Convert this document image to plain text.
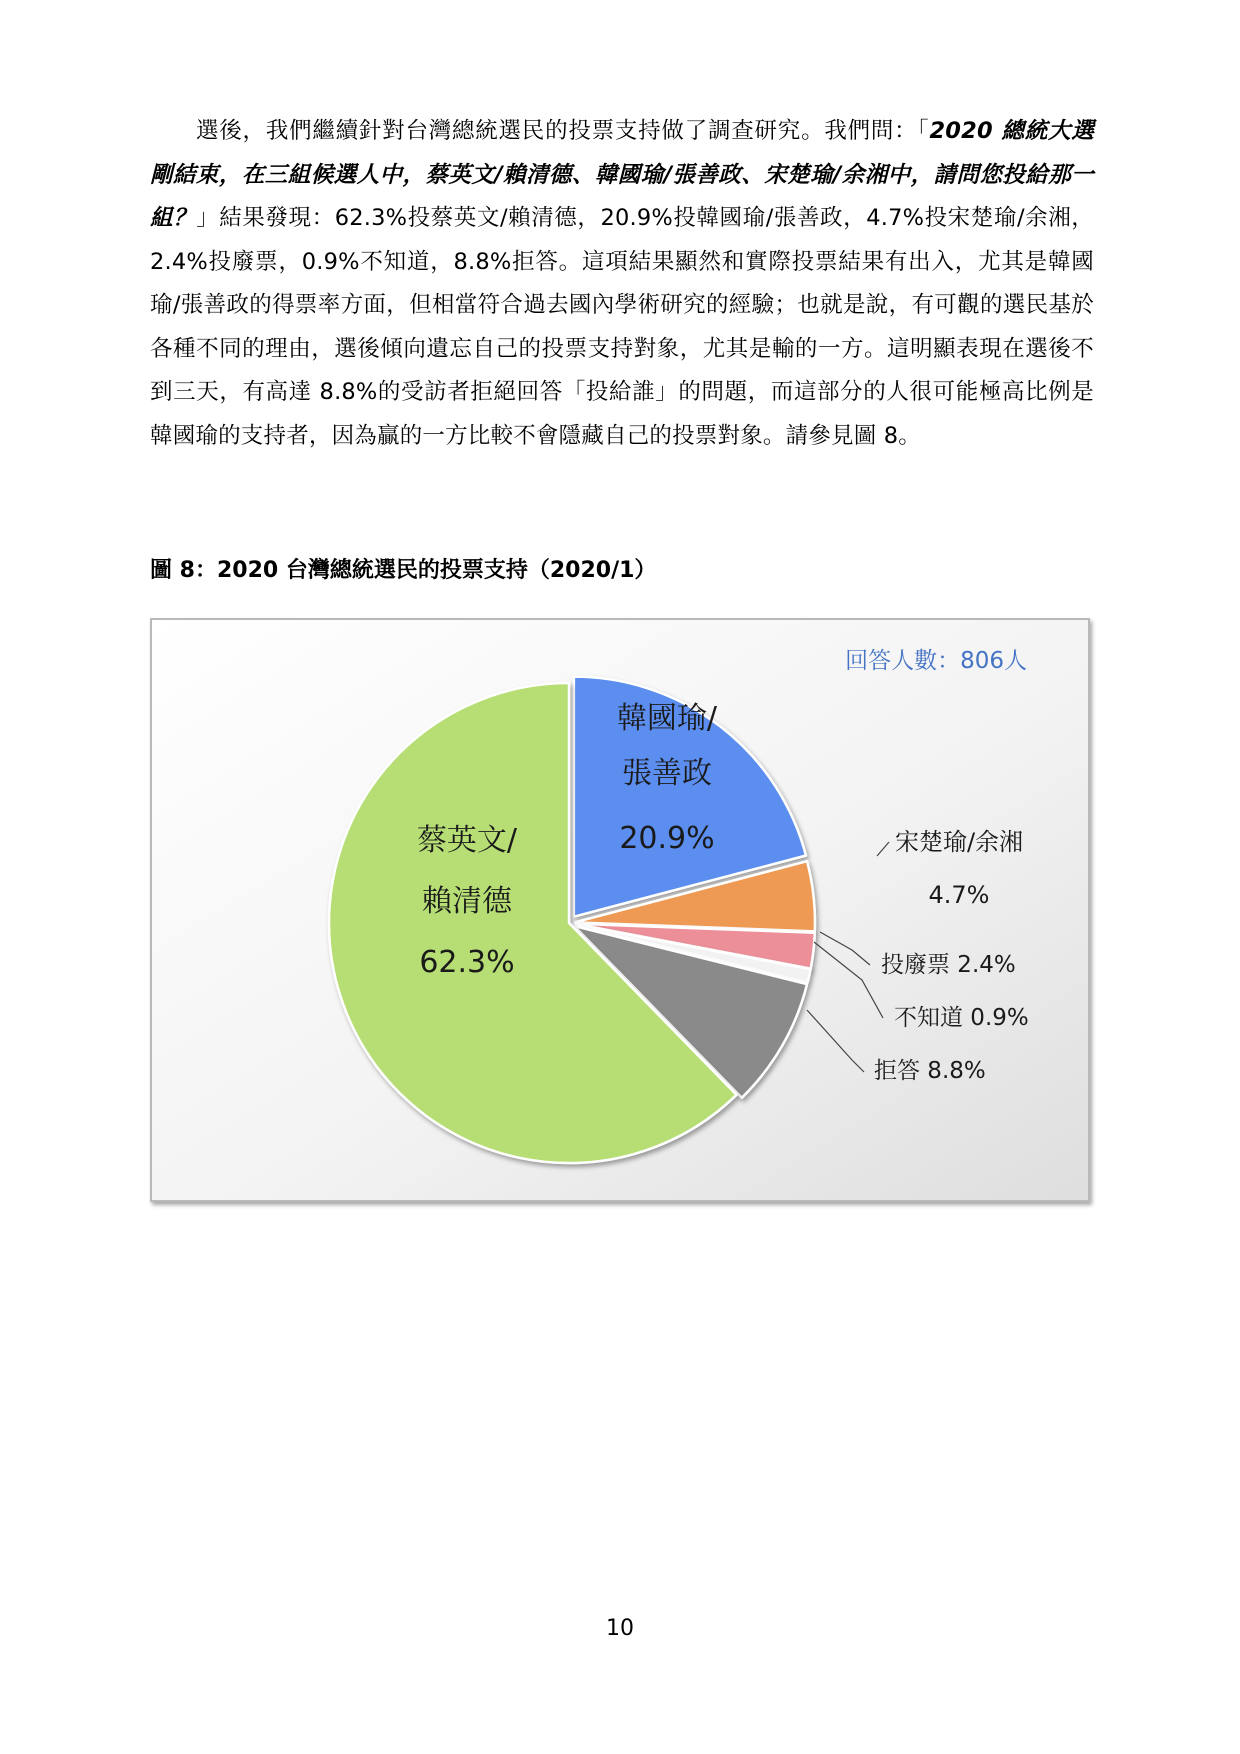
選後，我們繼續針對台灣總統選民的投票支持做了調查研究。我們問：「2020 總統大選剛結束，在三組候選人中，蔡英文/賴清德、韓國瑜/張善政、宋楚瑜/余湘中，請問您投給那一組？」結果發現：62.3%投蔡英文/賴清德，20.9%投韓國瑜/張善政，4.7%投宋楚瑜/余湘，2.4%投廢票，0.9%不知道，8.8%拒答。這項結果顯然和實際投票結果有出入，尤其是韓國瑜/張善政的得票率方面，但相當符合過去國內學術研究的經驗；也就是說，有可觀的選民基於各種不同的理由，選後傾向遺忘自己的投票支持對象，尤其是輸的一方。這明顯表現在選後不到三天，有高達 8.8%的受訪者拒絕回答「投給誰」的問題，而這部分的人很可能極高比例是韓國瑜的支持者，因為贏的一方比較不會隱藏自己的投票對象。請參見圖 8。
圖 8：2020 台灣總統選民的投票支持（2020/1）
韓國瑜/
張善政
20.9%	宋楚瑜/余湘
4.7%
投廢票 2.4%
不知道 0.9%
拒答 8.8%
蔡英文/
賴清德
62.3%
回答人數：806人
10
